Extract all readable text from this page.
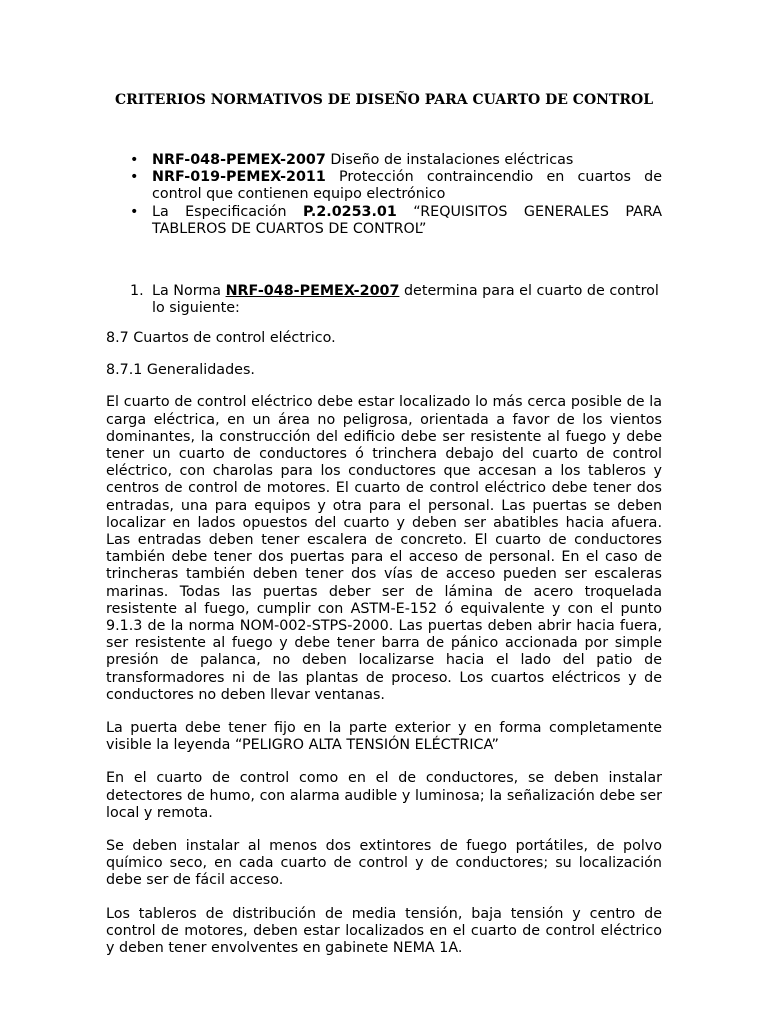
CRITERIOS NORMATIVOS DE DISEÑO PARA CUARTO DE CONTROL
• NRF-048-PEMEX-2007 Diseño de instalaciones eléctricas
• NRF-019-PEMEX-2011 Protección contraincendio en cuartos de control que contienen equipo electrónico
• La Especificación P.2.0253.01 “REQUISITOS GENERALES PARA TABLEROS DE CUARTOS DE CONTROL”
1. La Norma NRF-048-PEMEX-2007 determina para el cuarto de control lo siguiente:

8.7 Cuartos de control eléctrico.

8.7.1 Generalidades.

El cuarto de control eléctrico debe estar localizado lo más cerca posible de la carga eléctrica, en un área no peligrosa, orientada a favor de los vientos dominantes, la construcción del edificio debe ser resistente al fuego y debe tener un cuarto de conductores ó trinchera debajo del cuarto de control eléctrico, con charolas para los conductores que accesan a los tableros y centros de control de motores. El cuarto de control eléctrico debe tener dos entradas, una para equipos y otra para el personal. Las puertas se deben localizar en lados opuestos del cuarto y deben ser abatibles hacia afuera. Las entradas deben tener escalera de concreto. El cuarto de conductores también debe tener dos puertas para el acceso de personal. En el caso de trincheras también deben tener dos vías de acceso pueden ser escaleras marinas. Todas las puertas deber ser de lámina de acero troquelada resistente al fuego, cumplir con ASTM-E-152 ó equivalente y con el punto 9.1.3 de la norma NOM-002-STPS-2000. Las puertas deben abrir hacia fuera, ser resistente al fuego y debe tener barra de pánico accionada por simple presión de palanca, no deben localizarse hacia el lado del patio de transformadores ni de las plantas de proceso. Los cuartos eléctricos y de conductores no deben llevar ventanas.

La puerta debe tener fijo en la parte exterior y en forma completamente visible la leyenda “PELIGRO ALTA TENSIÓN ELÉCTRICA”

En el cuarto de control como en el de conductores, se deben instalar detectores de humo, con alarma audible y luminosa; la señalización debe ser local y remota.

Se deben instalar al menos dos extintores de fuego portátiles, de polvo químico seco, en cada cuarto de control y de conductores; su localización debe ser de fácil acceso.

Los tableros de distribución de media tensión, baja tensión y centro de control de motores, deben estar localizados en el cuarto de control eléctrico y deben tener envolventes en gabinete NEMA 1A.
